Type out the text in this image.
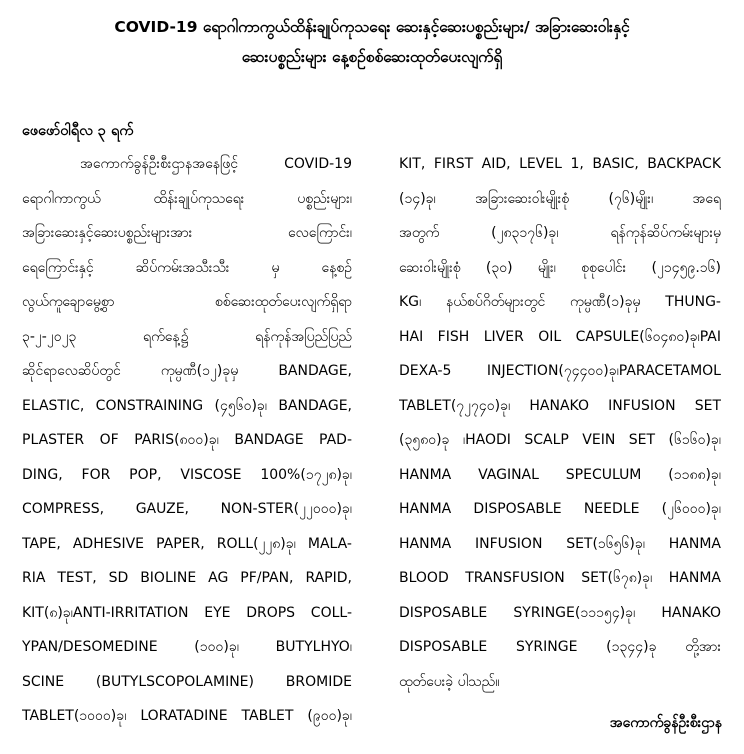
COVID-19 ရောဂါကာကွယ်ထိန်းချုပ်ကုသရေး ဆေးနှင့်ဆေးပစ္စည်းများ/ အခြားဆေးဝါးနှင့်
ဆေးပစ္စည်းများ နေ့စဉ်စစ်ဆေးထုတ်ပေးလျက်ရှိ
ဖေဖော်ဝါရီလ ၃ ရက်
အကောက်ခွန်ဦးစီးဌာနအနေဖြင့် COVID-19
ရောဂါကာကွယ် ထိန်းချုပ်ကုသရေး ပစ္စည်းများ၊
အခြားဆေးနှင့်ဆေးပစ္စည်းများအား လေကြောင်း၊
ရေကြောင်းနှင့် ဆိပ်ကမ်းအသီးသီး မှ နေ့စဉ်
လွယ်ကူချောမွေ့စွာ စစ်ဆေးထုတ်ပေးလျက်ရှိရာ
၃-၂-၂၀၂၃ ရက်နေ့၌ ရန်ကုန်အပြည်ပြည်
ဆိုင်ရာလေဆိပ်တွင် ကုမ္ပဏီ(၁၂)ခုမှ BANDAGE,
ELASTIC, CONSTRAINING (၄၅၆၀)ခု၊ BANDAGE,
PLASTER OF PARIS(၈၀၀)ခု၊ BANDAGE PAD-
DING, FOR POP, VISCOSE 100%(၁၇၂၈)ခု၊
COMPRESS, GAUZE, NON-STER(၂၂၀၀၀)ခု၊
TAPE, ADHESIVE PAPER, ROLL(၂၂၈)ခု၊ MALA-
RIA TEST, SD BIOLINE AG PF/PAN, RAPID,
KIT(၈)ခု၊ANTI-IRRITATION EYE DROPS COLL-
YPAN/DESOMEDINE (၁၀၀)ခု၊ BUTYLHYO၊
SCINE (BUTYLSCOPOLAMINE) BROMIDE
TABLET(၁၀၀၀)ခု၊ LORATADINE TABLET (၉၀၀)ခု၊
KIT, FIRST AID, LEVEL 1, BASIC, BACKPACK
(၁၄)ခု၊ အခြားဆေးဝါးမျိုးစုံ (၇၆)မျိုး၊ အရေ
အတွက် (၂၈၃၁၇၆)ခု၊ ရန်ကုန်ဆိပ်ကမ်းများမှ
ဆေးဝါးမျိုးစုံ (၃၀) မျိုး၊ စုစုပေါင်း (၂၁၄၅၉.၁၆)
KG၊ နယ်စပ်ဂိတ်များတွင် ကုမ္ပဏီ(၁)ခုမှ THUNG-
HAI FISH LIVER OIL CAPSULE(၆၀၄၈၀)ခု၊PAI
DEXA-5 INJECTION(၇၄၄၀၀)ခု၊PARACETAMOL
TABLET(၇၂၇၄၀)ခု၊ HANAKO INFUSION SET
(၃၅၈၀)ခု ၊HAODI SCALP VEIN SET (၆၁၆၀)ခု၊
HANMA VAGINAL SPECULUM (၁၁၈၈)ခု၊
HANMA DISPOSABLE NEEDLE (၂၆၀၀၀)ခု၊
HANMA INFUSION SET(၁၆၅၆)ခု၊ HANMA
BLOOD TRANSFUSION SET(၆၇၈)ခု၊ HANMA
DISPOSABLE SYRINGE(၁၁၁၅၄)ခု၊ HANAKO
DISPOSABLE SYRINGE (၁၃၄၄)ခု တို့အား
ထုတ်ပေးခဲ့ ပါသည်။
အကောက်ခွန်ဦးစီးဌာန
